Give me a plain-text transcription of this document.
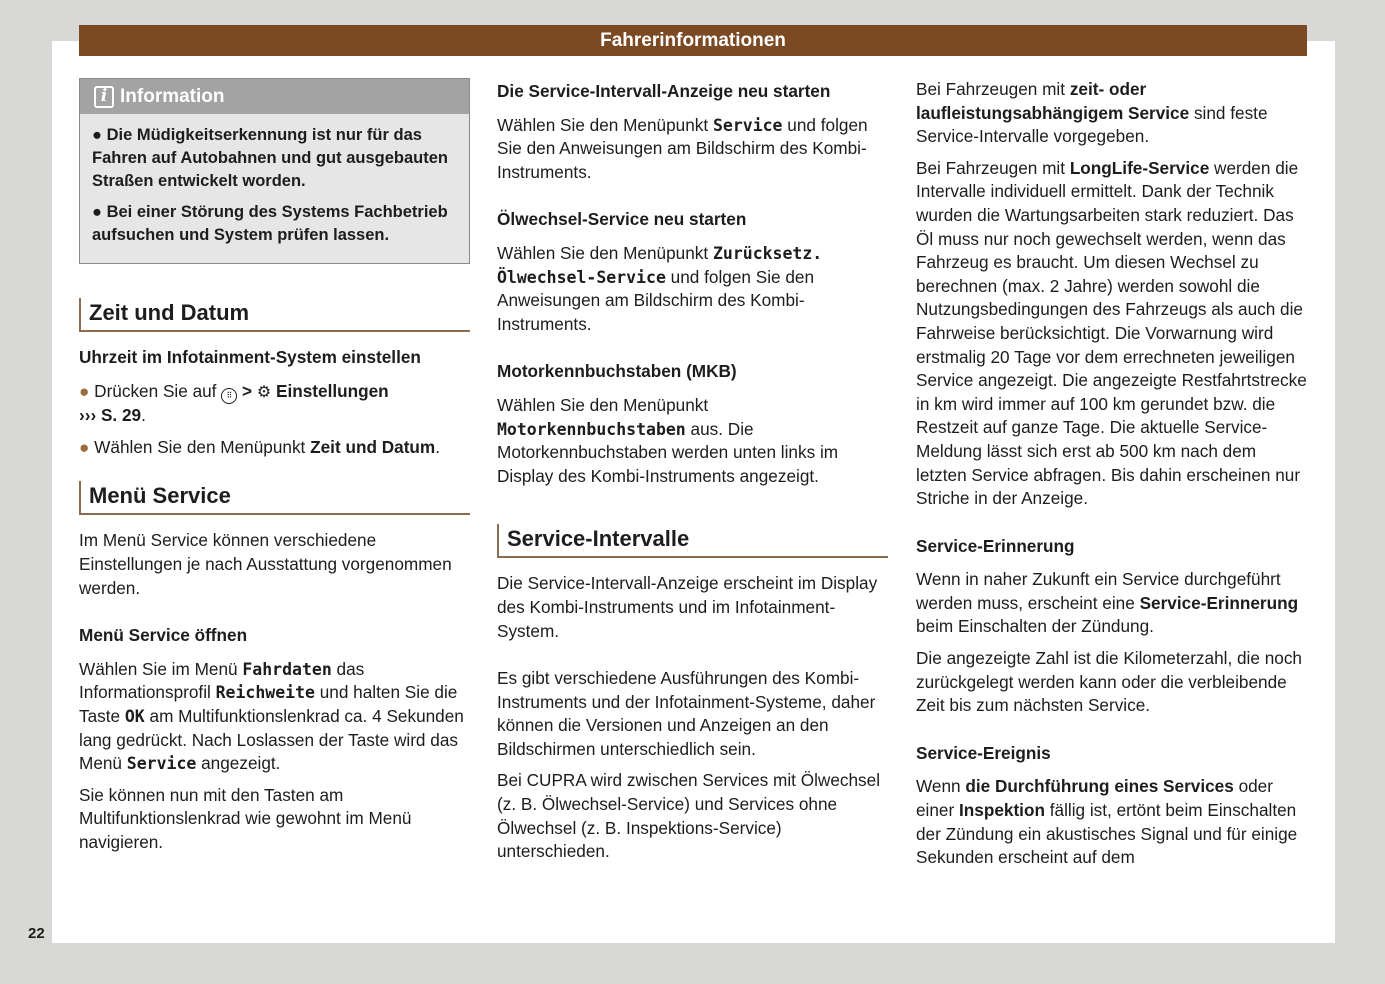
Fahrerinformationen
22
i Information

● Die Müdigkeitserkennung ist nur für das Fahren auf Autobahnen und gut ausgebauten Straßen entwickelt worden.

● Bei einer Störung des Systems Fachbetrieb aufsuchen und System prüfen lassen.

Zeit und Datum
Uhrzeit im Infotainment-System einstellen

● Drücken Sie auf ⠿ > ⚙ Einstellungen
››› S. 29.

● Wählen Sie den Menüpunkt Zeit und Datum.

Menü Service

Im Menü Service können verschiedene Einstellungen je nach Ausstattung vorgenommen werden.

Menü Service öffnen

Wählen Sie im Menü Fahrdaten das Informationsprofil Reichweite und halten Sie die Taste OK am Multifunktionslenkrad ca. 4 Sekunden lang gedrückt. Nach Loslassen der Taste wird das Menü Service angezeigt.

Sie können nun mit den Tasten am Multifunktionslenkrad wie gewohnt im Menü navigieren.

Die Service-Intervall-Anzeige neu starten

Wählen Sie den Menüpunkt Service und folgen Sie den Anweisungen am Bildschirm des Kombi-Instruments.

Ölwechsel-Service neu starten

Wählen Sie den Menüpunkt Zurücksetz. Ölwechsel-Service und folgen Sie den Anweisungen am Bildschirm des Kombi-Instruments.

Motorkennbuchstaben (MKB)

Wählen Sie den Menüpunkt Motorkennbuchstaben aus. Die Motorkennbuchstaben werden unten links im Display des Kombi-Instruments angezeigt.

Service-Intervalle

Die Service-Intervall-Anzeige erscheint im Display des Kombi-Instruments und im Infotainment-System.

Es gibt verschiedene Ausführungen des Kombi-Instruments und der Infotainment-Systeme, daher können die Versionen und Anzeigen an den Bildschirmen unterschiedlich sein.

Bei CUPRA wird zwischen Services mit Ölwechsel (z. B. Ölwechsel-Service) und Services ohne Ölwechsel (z. B. Inspektions-Service) unterschieden.

Bei Fahrzeugen mit zeit- oder laufleistungsabhängigem Service sind feste Service-Intervalle vorgegeben.

Bei Fahrzeugen mit LongLife-Service werden die Intervalle individuell ermittelt. Dank der Technik wurden die Wartungsarbeiten stark reduziert. Das Öl muss nur noch gewechselt werden, wenn das Fahrzeug es braucht. Um diesen Wechsel zu berechnen (max. 2 Jahre) werden sowohl die Nutzungsbedingungen des Fahrzeugs als auch die Fahrweise berücksichtigt. Die Vorwarnung wird erstmalig 20 Tage vor dem errechneten jeweiligen Service angezeigt. Die angezeigte Restfahrtstrecke in km wird immer auf 100 km gerundet bzw. die Restzeit auf ganze Tage. Die aktuelle Service-Meldung lässt sich erst ab 500 km nach dem letzten Service abfragen. Bis dahin erscheinen nur Striche in der Anzeige.

Service-Erinnerung

Wenn in naher Zukunft ein Service durchgeführt werden muss, erscheint eine Service-Erinnerung beim Einschalten der Zündung.

Die angezeigte Zahl ist die Kilometerzahl, die noch zurückgelegt werden kann oder die verbleibende Zeit bis zum nächsten Service.

Service-Ereignis

Wenn die Durchführung eines Services oder einer Inspektion fällig ist, ertönt beim Einschalten der Zündung ein akustisches Signal und für einige Sekunden erscheint auf dem
